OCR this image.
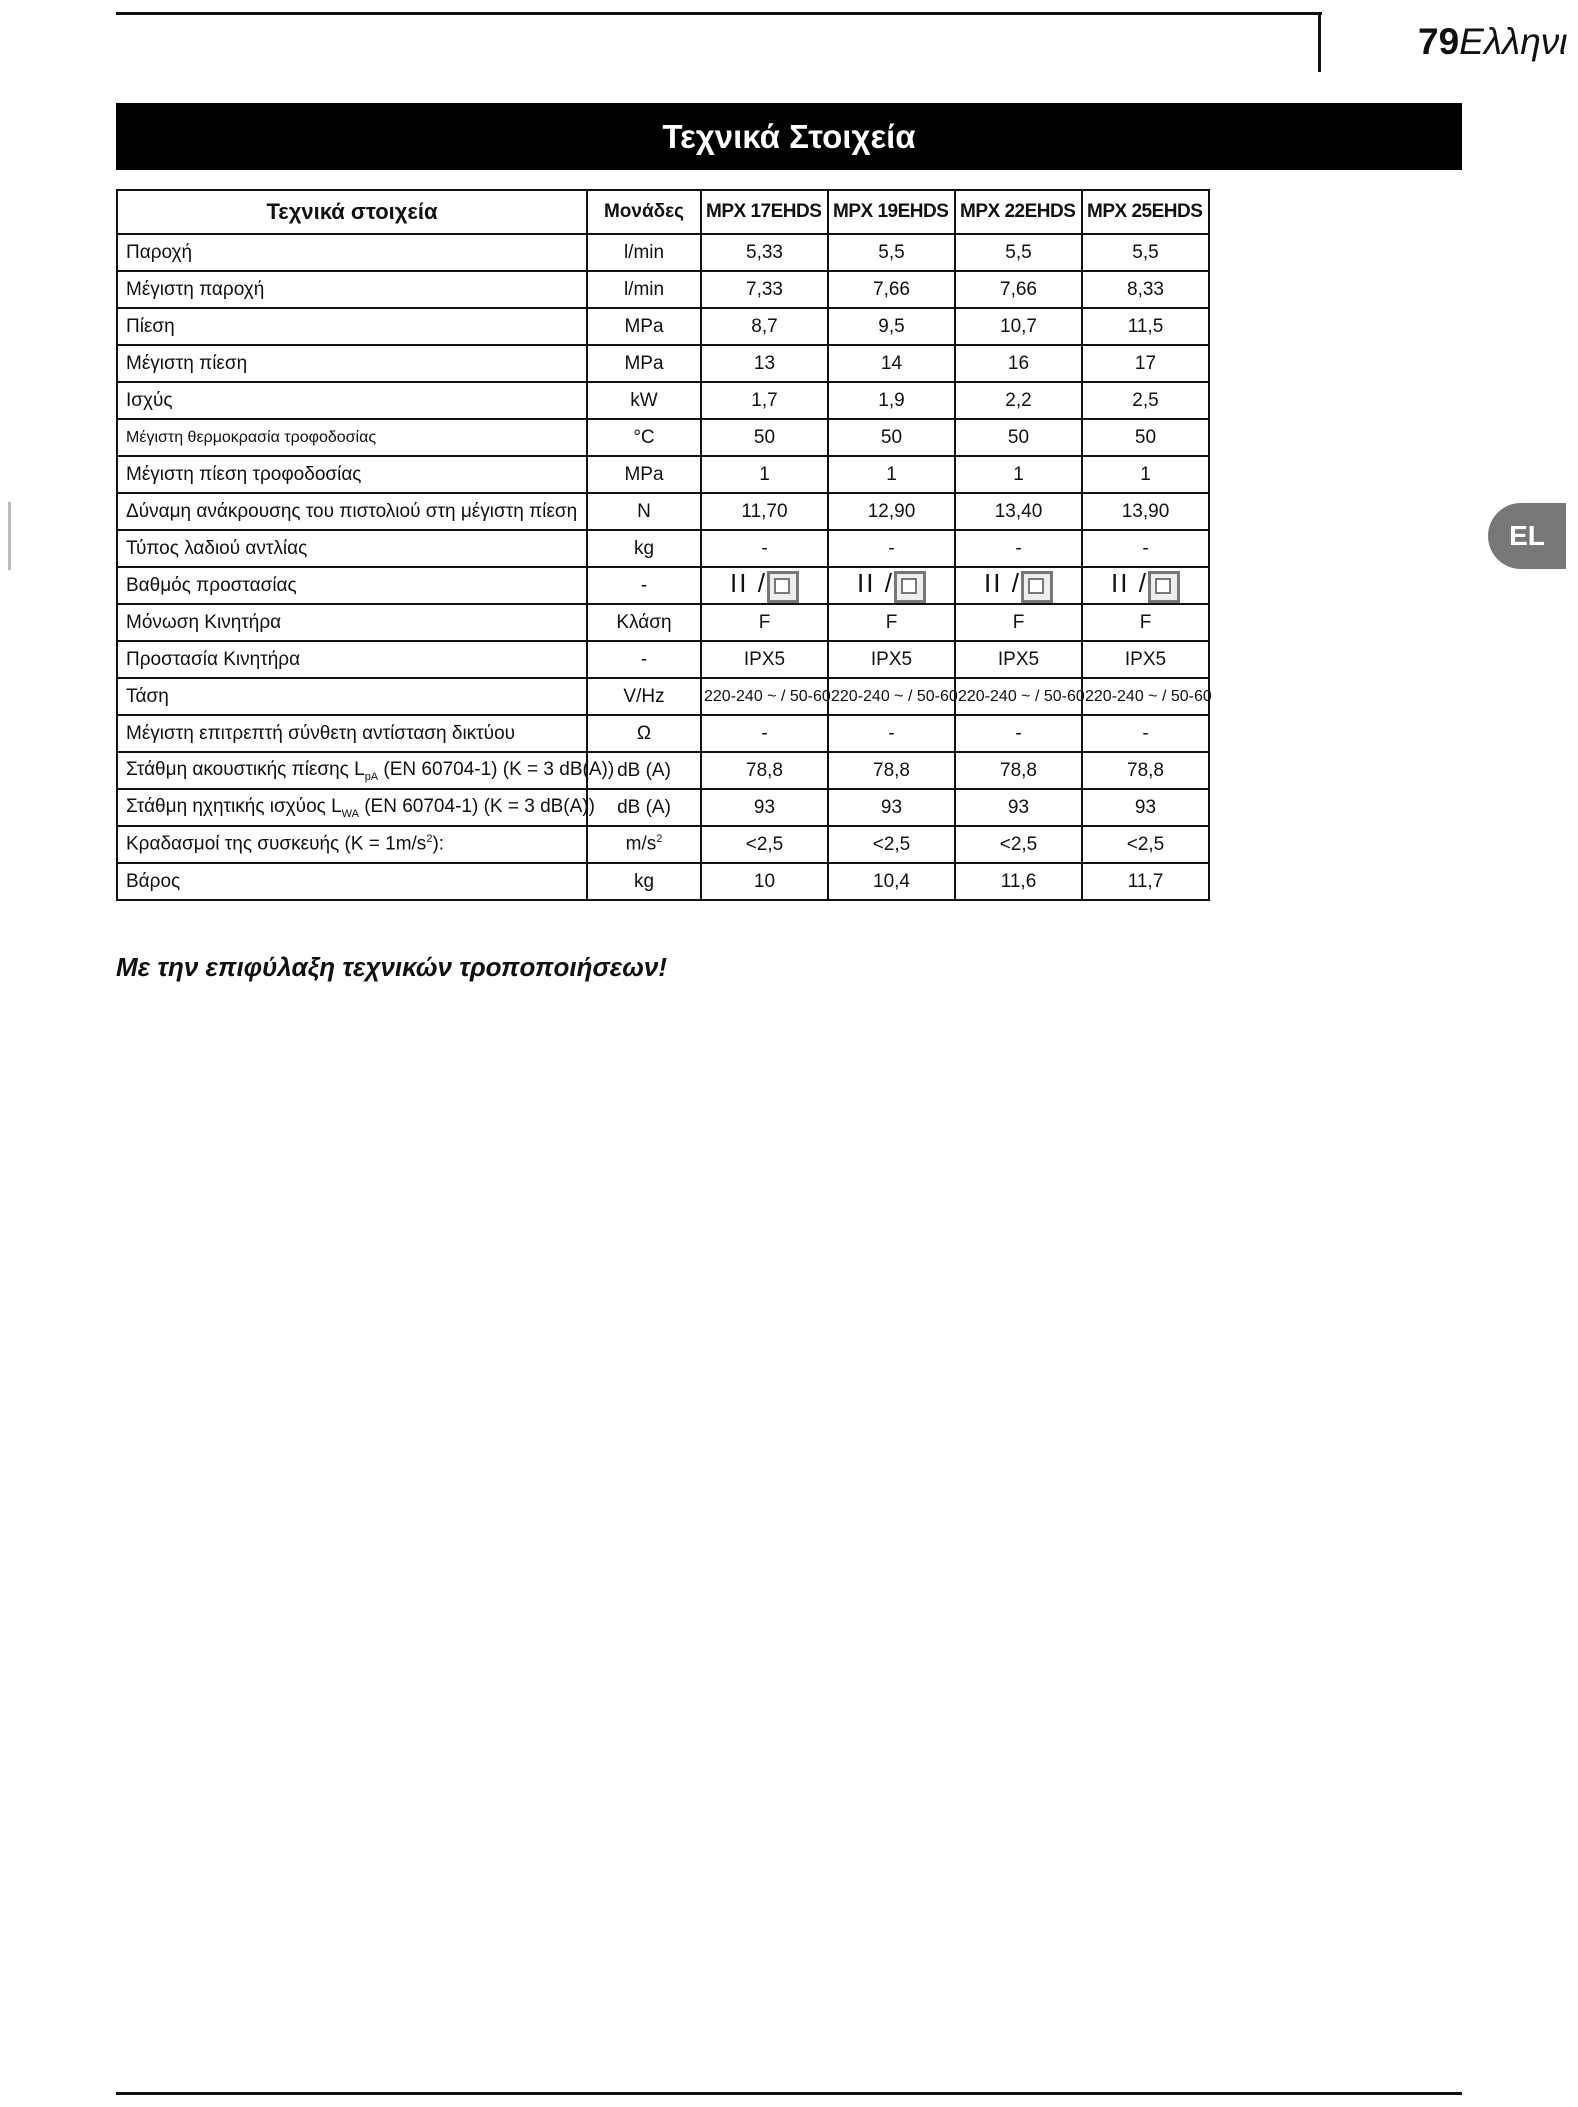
79Ελληνι
Τεχνικά Στοιχεία
EL
Τεχνικά στοιχεία	Μονάδες	MPX 17EHDS	MPX 19EHDS	MPX 22EHDS	MPX 25EHDS
Παροχή	l/min	5,33	5,5	5,5	5,5
Μέγιστη παροχή	l/min	7,33	7,66	7,66	8,33
Πίεση	MPa	8,7	9,5	10,7	11,5
Μέγιστη πίεση	MPa	13	14	16	17
Ισχύς	kW	1,7	1,9	2,2	2,5
Μέγιστη θερμοκρασία τροφοδοσίας	°C	50	50	50	50
Μέγιστη πίεση τροφοδοσίας	MPa	1	1	1	1
Δύναμη ανάκρουσης του πιστολιού στη μέγιστη πίεση	N	11,70	12,90	13,40	13,90
Τύπος λαδιού αντλίας	kg	-	-	-	-
Βαθμός προστασίας	-	II /	II /	II /	II /
Μόνωση Κινητήρα	Κλάση	F	F	F	F
Προστασία Κινητήρα	-	IPX5	IPX5	IPX5	IPX5
Τάση	V/Hz	220-240 ~ / 50-60	220-240 ~ / 50-60	220-240 ~ / 50-60	220-240 ~ / 50-60
Μέγιστη επιτρεπτή σύνθετη αντίσταση δικτύου	Ω	-	-	-	-
Στάθμη ακουστικής πίεσης $L_{pA}$ (EN 60704-1) (K = 3 dB(A))	dB (A)	78,8	78,8	78,8	78,8
Στάθμη ηχητικής ισχύος $L_{WA}$ (EN 60704-1) (K = 3 dB(A))	dB (A)	93	93	93	93
Κραδασμοί της συσκευής $(K = 1m/s^2)$:	$m/s^2$	<2,5	<2,5	<2,5	<2,5
Βάρος	kg	10	10,4	11,6	11,7
Με την επιφύλαξη τεχνικών τροποποιήσεων!
